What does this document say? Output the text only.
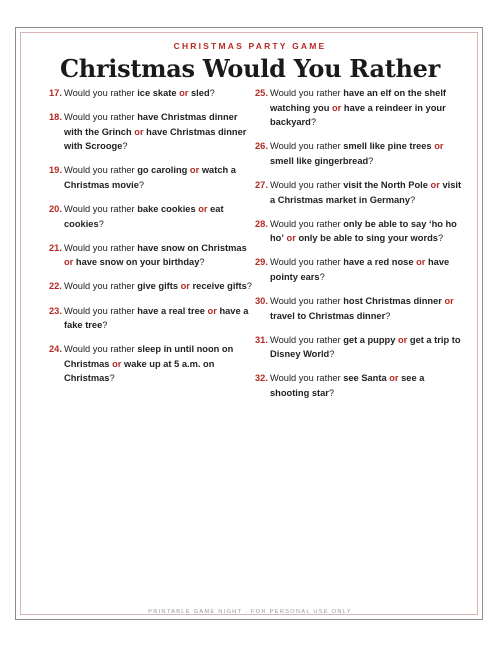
CHRISTMAS PARTY GAME
Christmas Would You Rather
17. Would you rather ice skate or sled?
18. Would you rather have Christmas dinner with the Grinch or have Christmas dinner with Scrooge?
19. Would you rather go caroling or watch a Christmas movie?
20. Would you rather bake cookies or eat cookies?
21. Would you rather have snow on Christmas or have snow on your birthday?
22. Would you rather give gifts or receive gifts?
23. Would you rather have a real tree or have a fake tree?
24. Would you rather sleep in until noon on Christmas or wake up at 5 a.m. on Christmas?
25. Would you rather have an elf on the shelf watching you or have a reindeer in your backyard?
26. Would you rather smell like pine trees or smell like gingerbread?
27. Would you rather visit the North Pole or visit a Christmas market in Germany?
28. Would you rather only be able to say ‘ho ho ho’ or only be able to sing your words?
29. Would you rather have a red nose or have pointy ears?
30. Would you rather host Christmas dinner or travel to Christmas dinner?
31. Would you rather get a puppy or get a trip to Disney World?
32. Would you rather see Santa or see a shooting star?
PRINTABLE GAME NIGHT · FOR PERSONAL USE ONLY
